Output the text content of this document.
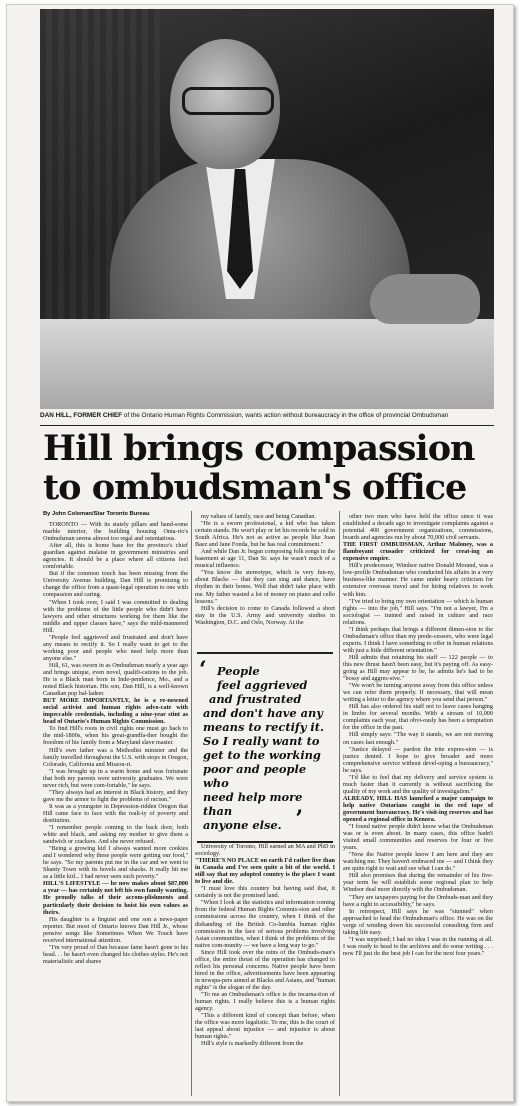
DAN HILL, FORMER CHIEF of the Ontario Human Rights Commission, wants action without bureaucracy in the office of provincial Ombudsman
Hill brings compassion
to ombudsman's office
By John Coleman/Star Toronto Bureau

TORONTO — With its stately pillars and hand-some marble interior, the building housing Onta-rio's Ombudsman seems almost too regal and ostentatious.

After all, this is home base for the province's chief guardian against malaise in government ministries and agencies. It should be a place where all citizens feel comfortable.

But if the common touch has been missing from the University Avenue building, Dan Hill is promising to change the office from a quasi-legal operation to one with compassion and caring.

"When I took over, I said I was committed to dealing with the problems of the little people who didn't have lawyers and other structures working for them like the middle and upper classes have," says the mild-mannered Hill.

"People feel aggrieved and frustrated and don't have any means to rectify it. So I really want to get to the working poor and people who need help more than anyone else."

Hill, 61, was sworn in as Ombudsman nearly a year ago and brings unique, even novel, qualifi-cations to the job. He is a Black man born in Inde-pendence, Mo., and a noted Black historian. His son, Dan Hill, is a well-known Canadian pop bal-ladeer.

BUT MORE IMPORTANTLY, he is a re-nowned social activist and human rights advo-cate with impeccable credentials, including a nine-year stint as head of Ontario's Human Rights Commission.

To find Hill's roots in civil rights one must go back to the mid-1800s, when his great-grandfa-ther bought the freedom of his family from a Maryland slave master.

Hill's own father was a Methodist minister and the family travelled throughout the U.S. with stops in Oregon, Colorado, California and Missou-ri.

"I was brought up in a warm home and was fortunate that both my parents were university graduates. We were never rich, but were com-fortable," he says.

"They always had an interest in Black history, and they gave me the armor to fight the problems of racism."

It was as a youngster in Depression-ridden Oregon that Hill came face to face with the reali-ty of poverty and destitution.

"I remember people coming to the back door, both white and black, and asking my mother to give them a sandwich or crackers. And she never refused.

"Being a growing kid I always wanted more cookies and I wondered why these people were getting our food," he says. "So my parents put me in the car and we went to Shanty Town with its hovels and shacks. It really hit me as a little kid... I had never seen such poverty."

HILL'S LIFESTYLE — he now makes about $87,000 a year — has certainly not left his own family wanting. He proudly talks of their accom-plishments and particularly their decision to hoist his own values as theirs.

His daughter is a linguist and one son a news-paper reporter. But most of Ontario knows Dan Hill Jr., whose pensive songs like Sometimes When We Touch have received international attention.

"I'm very proud of Dan because fame hasn't gone to his head. . . he hasn't even changed his clothes styles. He's not materialistic and shares

my values of family, race and being Canadian.

"He is a sworn professional, a kid who has taken certain stands. He won't play or let his records be sold in South Africa. He's not as active as people like Joan Baez and Jane Fonda, but he has real commitment."

And while Dan Jr. began composing folk songs in the basement at age 11, Dan Sr. says he wasn't much of a musical influence.

"You know the stereotype, which is very fun-ny, about Blacks — that they can sing and dance, have rhythm in their bones. Well that didn't take place with me. My father wasted a lot of money on piano and cello lessons."

Hill's decision to come to Canada followed a short stay in the U.S. Army and university studies in Washington, D.C. and Oslo, Norway. At the

‘ People
feel aggrieved
and frustrated
and don't have any
means to rectify it.
So I really want to
get to the working
poor and people who
need help more than
anyone else. ’

University of Toronto, Hill earned an MA and PhD in sociology.

"THERE'S NO PLACE on earth I'd rather live than in Canada and I've seen quite a bit of the world. I still say that my adopted country is the place I want to live and die.

"I must love this country but having said that, it certainly is not the promised land.

"When I look at the statistics and information coming from the federal Human Rights Commis-sion and other commissions across the country, when I think of the disbanding of the British Co-lumbia human rights commission in the face of serious problems involving Asian communities, when I think of the problems of the native com-munity — we have a long way to go."

Since Hill took over the reins of the Ombuds-man's office, the entire thrust of the operation has changed to reflect his personal concerns. Native people have been hired in the office, advertisements have been appearing in newspa-pers aimed at Blacks and Asians, and "human rights" is the slogan of the day.

"To me an Ombudsman's office is the incarna-tion of human rights. I really believe this is a human rights agency.

"This a different kind of concept than before, when the office was more legalistic. To me, this is the court of last appeal about injustice — and injustice is about human rights."

Hill's style is markedly different from the

other two men who have held the office since it was established a decade ago to investigate complaints against a potential 400 government organizations, commissions, boards and agencies run by about 70,000 civil servants.

THE FIRST OMBUDSMAN, Arthur Maloney, was a flamboyant crusader criticized for creat-ing an expensive empire.

Hill's predecessor, Windsor native Donald Morand, was a low-profile Ombudsman who conducted his affairs in a very business-like manner. He came under heavy criticism for extensive overseas travel and for hiring relatives to work with him.

"I've tried to bring my own orientation — which is human rights — into the job," Hill says. "I'm not a lawyer, I'm a sociologist — trained and raised in culture and race relations.

"I think perhaps that brings a different dimen-sion to the Ombudsman's office than my prede-cessors, who were legal experts. I think I have something to offer in human relations with just a little different orientation."

Hill admits that retaining his staff — 122 people — to this new thrust hasn't been easy, but it's paying off. As easy-going as Hill may appear to be, he admits he's had to be "bossy and aggres-sive."

"We won't be turning anyone away from this office unless we can refer them properly. If necessary, that will mean writing a letter to the agency where you send that person."

Hill has also ordered his staff not to leave cases hanging in limbo for several months. With a stream of 10,000 complaints each year, that obvi-ously has been a temptation for the office in the past.

Hill simply says: "The way it stands, we are not moving on cases fast enough."

"Justice delayed — pardon the trite expres-sion — is justice denied. I hope to give broader and more comprehensive service without devel-oping a bureaucracy," he says.

"I'd like to feel that my delivery and service system is much faster than it currently is without sacrificing the quality of my work and the quality of investigation."

ALREADY, HILL HAS launched a major campaign to help native Ontarians caught in the red tape of government bureaucracy. He's visit-ing reserves and has opened a regional office in Kenora.

"I found native people didn't know what the Ombudsman was or is even about. In many cases, this office hadn't visited small communities and reserves for four or five years.

"Now the Native people know I am here and they are watching me. They haven't embraced me — and I think they are quite right to wait and see what I can do."

Hill also promises that during the remainder of his five-year term he will establish some regional plan to help Windsor deal more directly with the Ombudsman.

"They are taxpayers paying for the Ombuds-man and they have a right to accessibility," he says.

In retrospect, Hill says he was "stunned" when approached to head the Ombudsman's office. He was on the verge of winding down his successful consulting firm and taking life easy.

"I was surprised; I had no idea I was in the running at all. I was ready to head to the archives and do some writing . . . now I'll just do the best job I can for the next four years."
